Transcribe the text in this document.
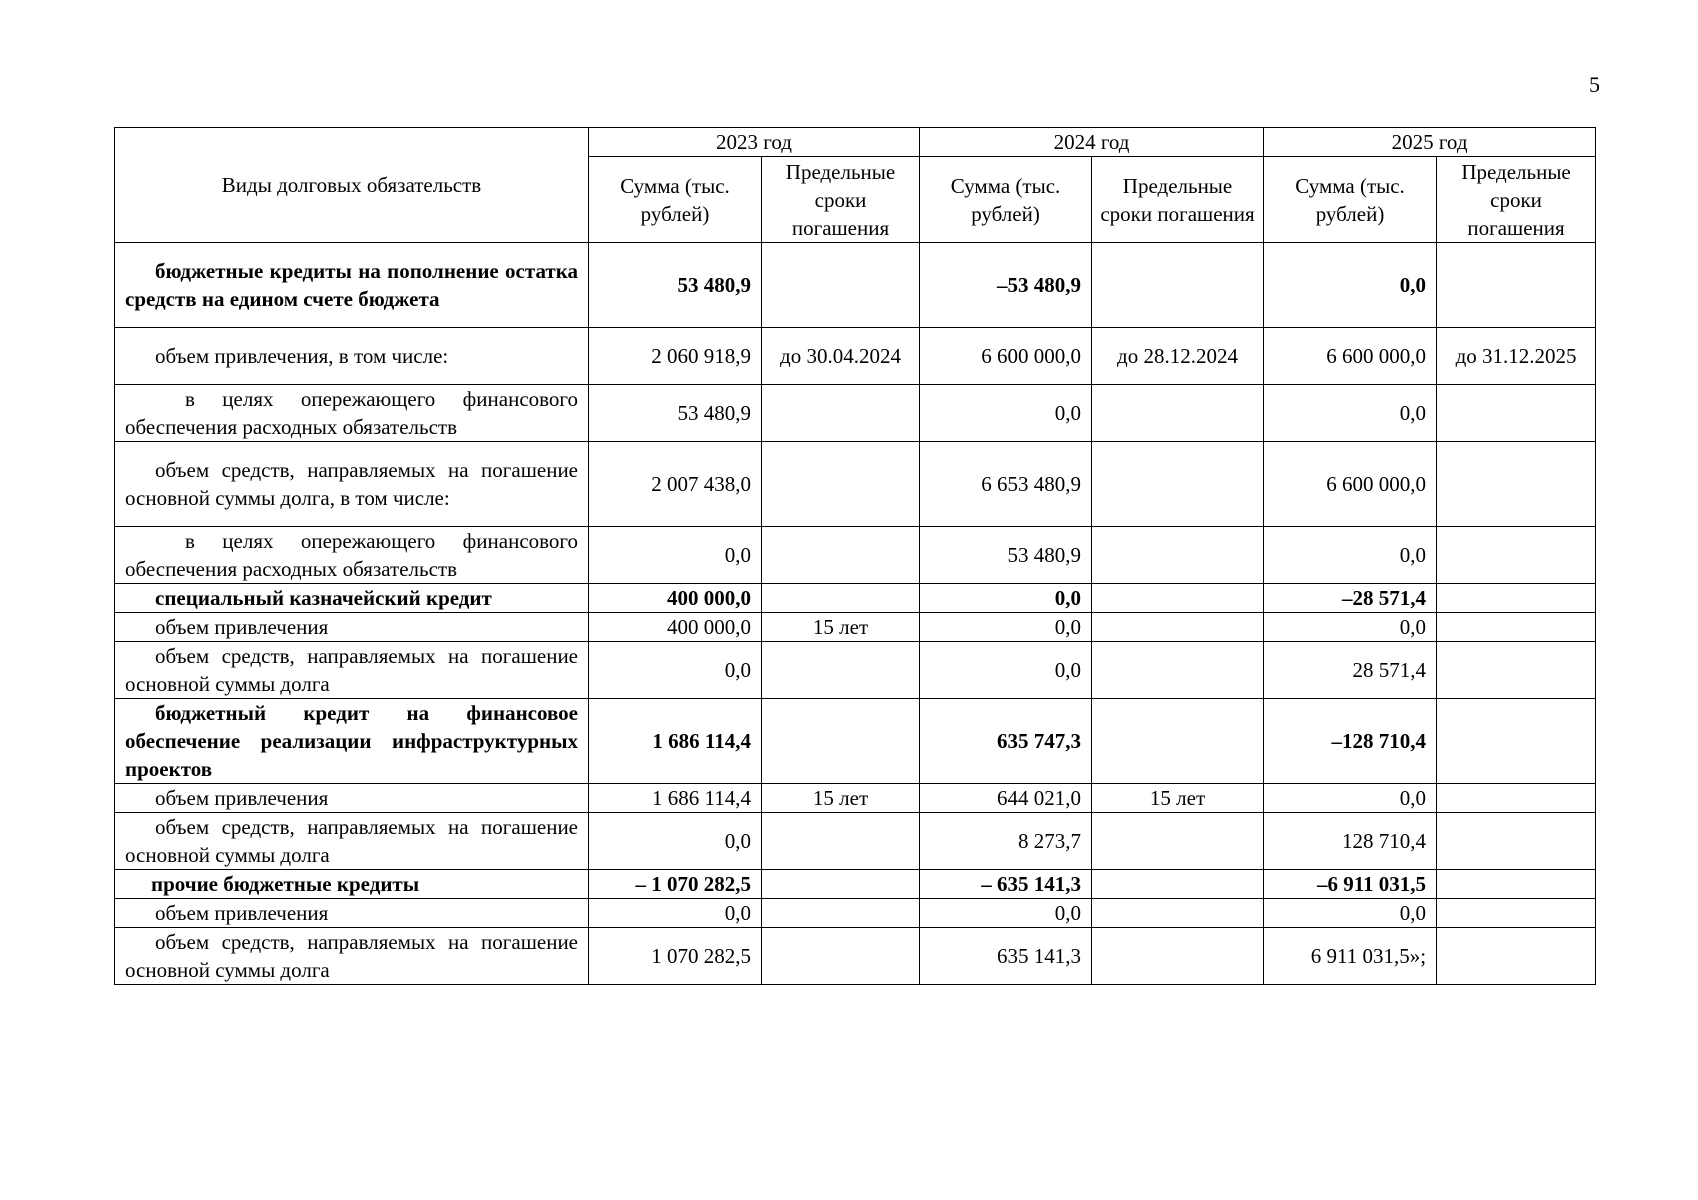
5
Виды долговых обязательств	2023 год		2024 год		2025 год	
	Сумма (тыс. рублей)	Предельные сроки погашения	Сумма (тыс. рублей)	Предельные сроки погашения	Сумма (тыс. рублей)	Предельные сроки погашения
бюджетные кредиты на пополнение остатка средств на едином счете бюджета	53 480,9		–53 480,9		0,0	
объем привлечения, в том числе:	2 060 918,9	до 30.04.2024	6 600 000,0	до 28.12.2024	6 600 000,0	до 31.12.2025
в целях опережающего финансового обеспечения расходных обязательств	53 480,9		0,0		0,0	
объем средств, направляемых на погашение основной суммы долга, в том числе:	2 007 438,0		6 653 480,9		6 600 000,0	
в целях опережающего финансового обеспечения расходных обязательств	0,0		53 480,9		0,0	
специальный казначейский кредит	400 000,0		0,0		–28 571,4	
объем привлечения	400 000,0	15 лет	0,0		0,0	
объем средств, направляемых на погашение основной суммы долга	0,0		0,0		28 571,4	
бюджетный кредит на финансовое обеспечение реализации инфраструктурных проектов	1 686 114,4		635 747,3		–128 710,4	
объем привлечения	1 686 114,4	15 лет	644 021,0	15 лет	0,0	
объем средств, направляемых на погашение основной суммы долга	0,0		8 273,7		128 710,4	
прочие бюджетные кредиты	– 1 070 282,5		– 635 141,3		–6 911 031,5	
объем привлечения	0,0		0,0		0,0	
объем средств, направляемых на погашение основной суммы долга	1 070 282,5		635 141,3		6 911 031,5»;	
